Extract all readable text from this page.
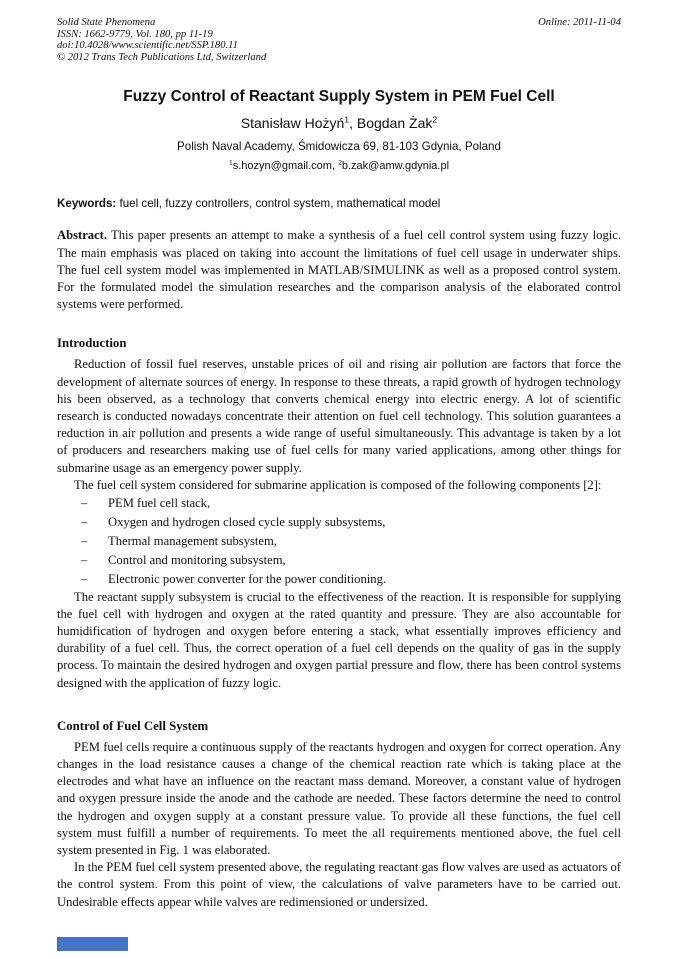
Solid State Phenomena
ISSN: 1662-9779, Vol. 180, pp 11-19
doi:10.4028/www.scientific.net/SSP.180.11
© 2012 Trans Tech Publications Ltd, Switzerland
Online: 2011-11-04
Fuzzy Control of Reactant Supply System in PEM Fuel Cell
Stanisław Hożyń$^1$, Bogdan Żak$^2$
Polish Naval Academy, Śmidowicza 69, 81-103 Gdynia, Poland
$^1$s.hozyn@gmail.com, $^2$b.zak@amw.gdynia.pl
Keywords: fuel cell, fuzzy controllers, control system, mathematical model

Abstract. This paper presents an attempt to make a synthesis of a fuel cell control system using fuzzy logic. The main emphasis was placed on taking into account the limitations of fuel cell usage in underwater ships. The fuel cell system model was implemented in MATLAB/SIMULINK as well as a proposed control system. For the formulated model the simulation researches and the comparison analysis of the elaborated control systems were performed.

Introduction

Reduction of fossil fuel reserves, unstable prices of oil and rising air pollution are factors that force the development of alternate sources of energy. In response to these threats, a rapid growth of hydrogen technology his been observed, as a technology that converts chemical energy into electric energy. A lot of scientific research is conducted nowadays concentrate their attention on fuel cell technology. This solution guarantees a reduction in air pollution and presents a wide range of useful simultaneously. This advantage is taken by a lot of producers and researchers making use of fuel cells for many varied applications, among other things for submarine usage as an emergency power supply.

The fuel cell system considered for submarine application is composed of the following components [2]:

–	PEM fuel cell stack,
–	Oxygen and hydrogen closed cycle supply subsystems,
–	Thermal management subsystem,
–	Control and monitoring subsystem,
–	Electronic power converter for the power conditioning.

The reactant supply subsystem is crucial to the effectiveness of the reaction. It is responsible for supplying the fuel cell with hydrogen and oxygen at the rated quantity and pressure. They are also accountable for humidification of hydrogen and oxygen before entering a stack, what essentially improves efficiency and durability of a fuel cell. Thus, the correct operation of a fuel cell depends on the quality of gas in the supply process. To maintain the desired hydrogen and oxygen partial pressure and flow, there has been control systems designed with the application of fuzzy logic.

Control of Fuel Cell System

PEM fuel cells require a continuous supply of the reactants hydrogen and oxygen for correct operation. Any changes in the load resistance causes a change of the chemical reaction rate which is taking place at the electrodes and what have an influence on the reactant mass demand. Moreover, a constant value of hydrogen and oxygen pressure inside the anode and the cathode are needed. These factors determine the need to control the hydrogen and oxygen supply at a constant pressure value. To provide all these functions, the fuel cell system must fulfill a number of requirements. To meet the all requirements mentioned above, the fuel cell system presented in Fig. 1 was elaborated.

In the PEM fuel cell system presented above, the regulating reactant gas flow valves are used as actuators of the control system. From this point of view, the calculations of valve parameters have to be carried out. Undesirable effects appear while valves are redimensioned or undersized.
